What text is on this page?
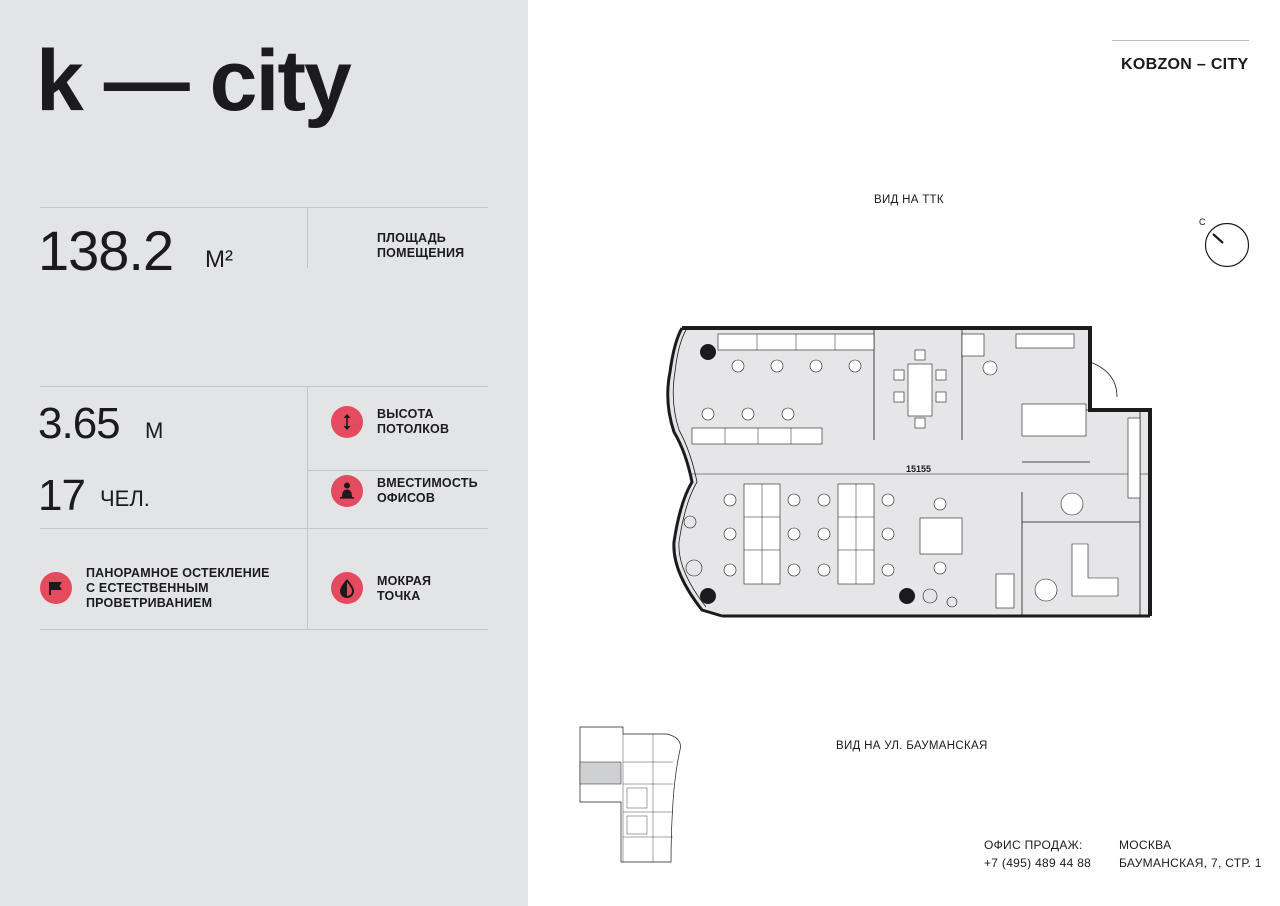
k — city
138.2 М²
ПЛОЩАДЬ
ПОМЕЩЕНИЯ
3.65 М
ВЫСОТА
ПОТОЛКОВ
17 ЧЕЛ.
ВМЕСТИМОСТЬ
ОФИСОВ
ПАНОРАМНОЕ ОСТЕКЛЕНИЕ
С ЕСТЕСТВЕННЫМ
ПРОВЕТРИВАНИЕМ
МОКРАЯ
ТОЧКА
KOBZON – CITY
ВИД НА ТТК
С
15155
ВИД НА УЛ. БАУМАНСКАЯ
ОФИС ПРОДАЖ:
+7 (495) 489 44 88
МОСКВА
БАУМАНСКАЯ, 7, СТР. 1
